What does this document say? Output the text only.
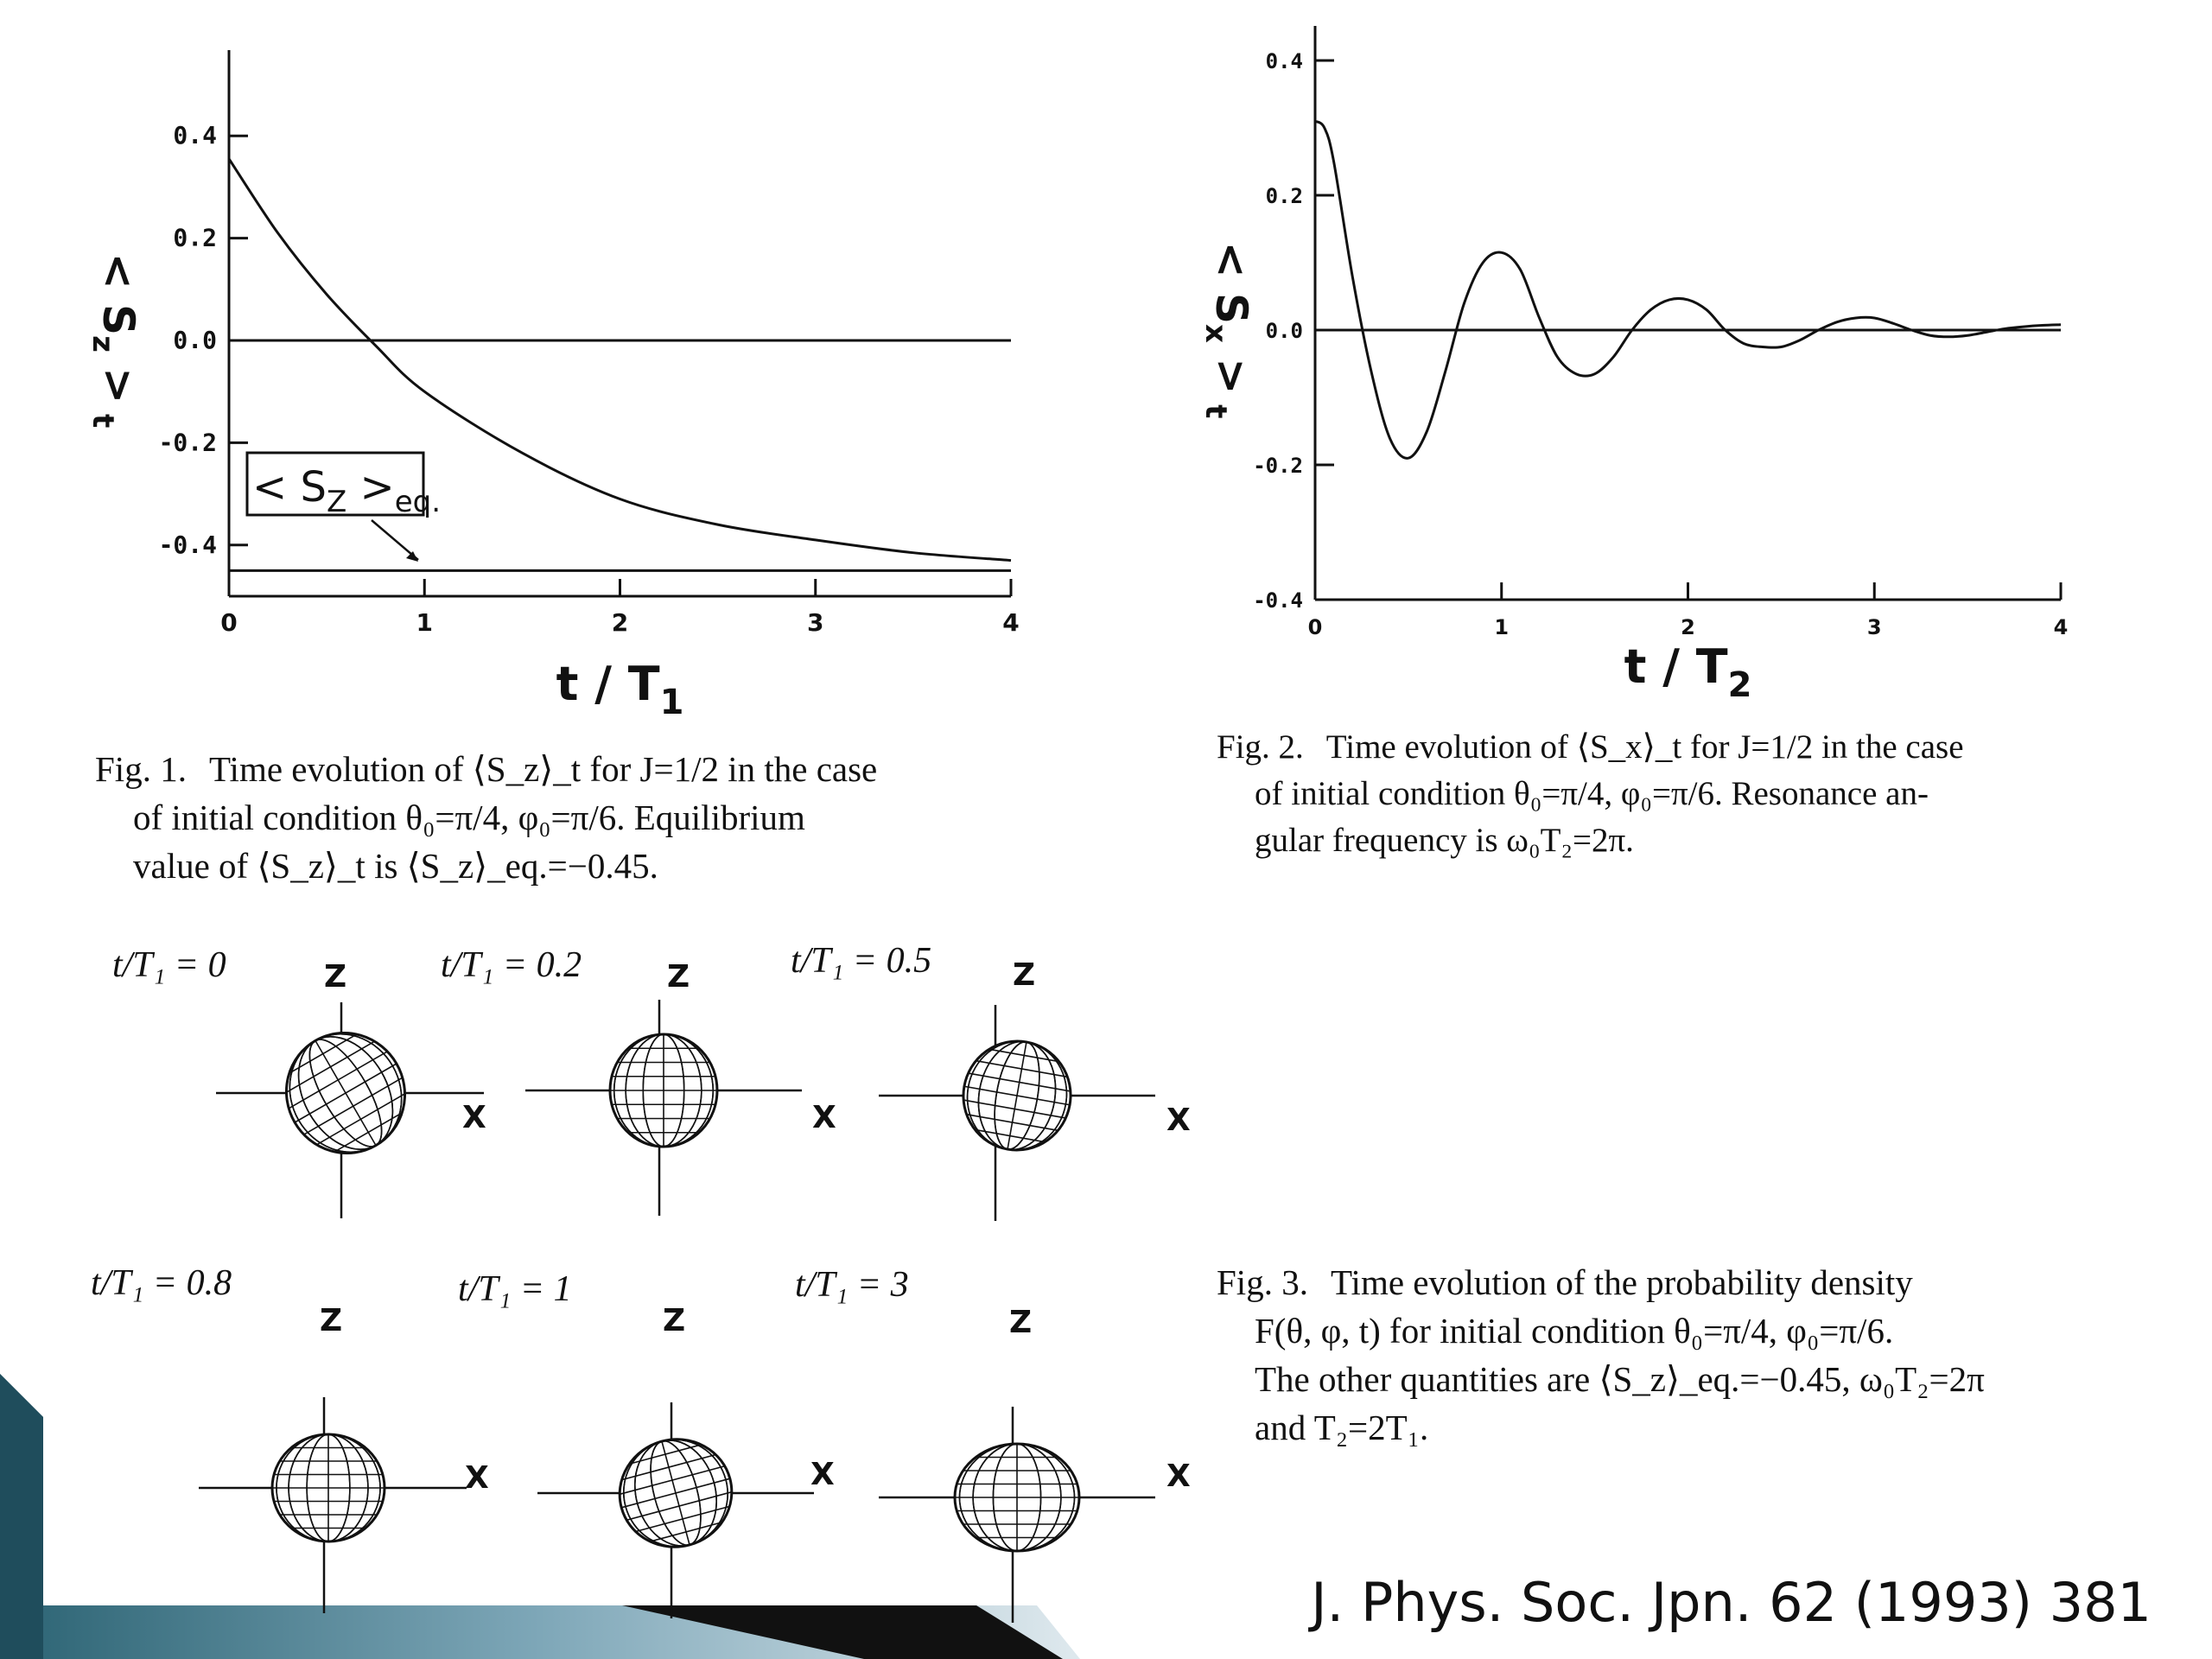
0.4
0.2
0.0
-0.2
-0.4
0	1	2	3	4
< $S_z > _t$
t / $T_1$
< $S_Z >_{eq.}$
0.4
0.2
0.0
-0.2
-0.4
0	1	2	3	4
< $S_x > _t$
t / $T_2$
t/T₁ = 0	Z
X
t/T₁ = 0.2	Z
X
t/T₁ = 0.5	Z
X
t/T₁ = 0.8
Z
X
t/T₁ = 1
Z
X
t/T₁ = 3
Z
X
Fig. 1. Time evolution of ⟨S_z⟩_t for J=1/2 in the case
of initial condition θ₀=π/4, φ₀=π/6. Equilibrium
value of ⟨S_z⟩_t is ⟨S_z⟩_eq.=−0.45.
Fig. 2. Time evolution of ⟨S_x⟩_t for J=1/2 in the case
of initial condition θ₀=π/4, φ₀=π/6. Resonance an-
gular frequency is ω₀T₂=2π.
Fig. 3. Time evolution of the probability density
F(θ, φ, t) for initial condition θ₀=π/4, φ₀=π/6.
The other quantities are ⟨S_z⟩_eq.=−0.45, ω₀T₂=2π
and T₂=2T₁.
J. Phys. Soc. Jpn. 62 (1993) 381
